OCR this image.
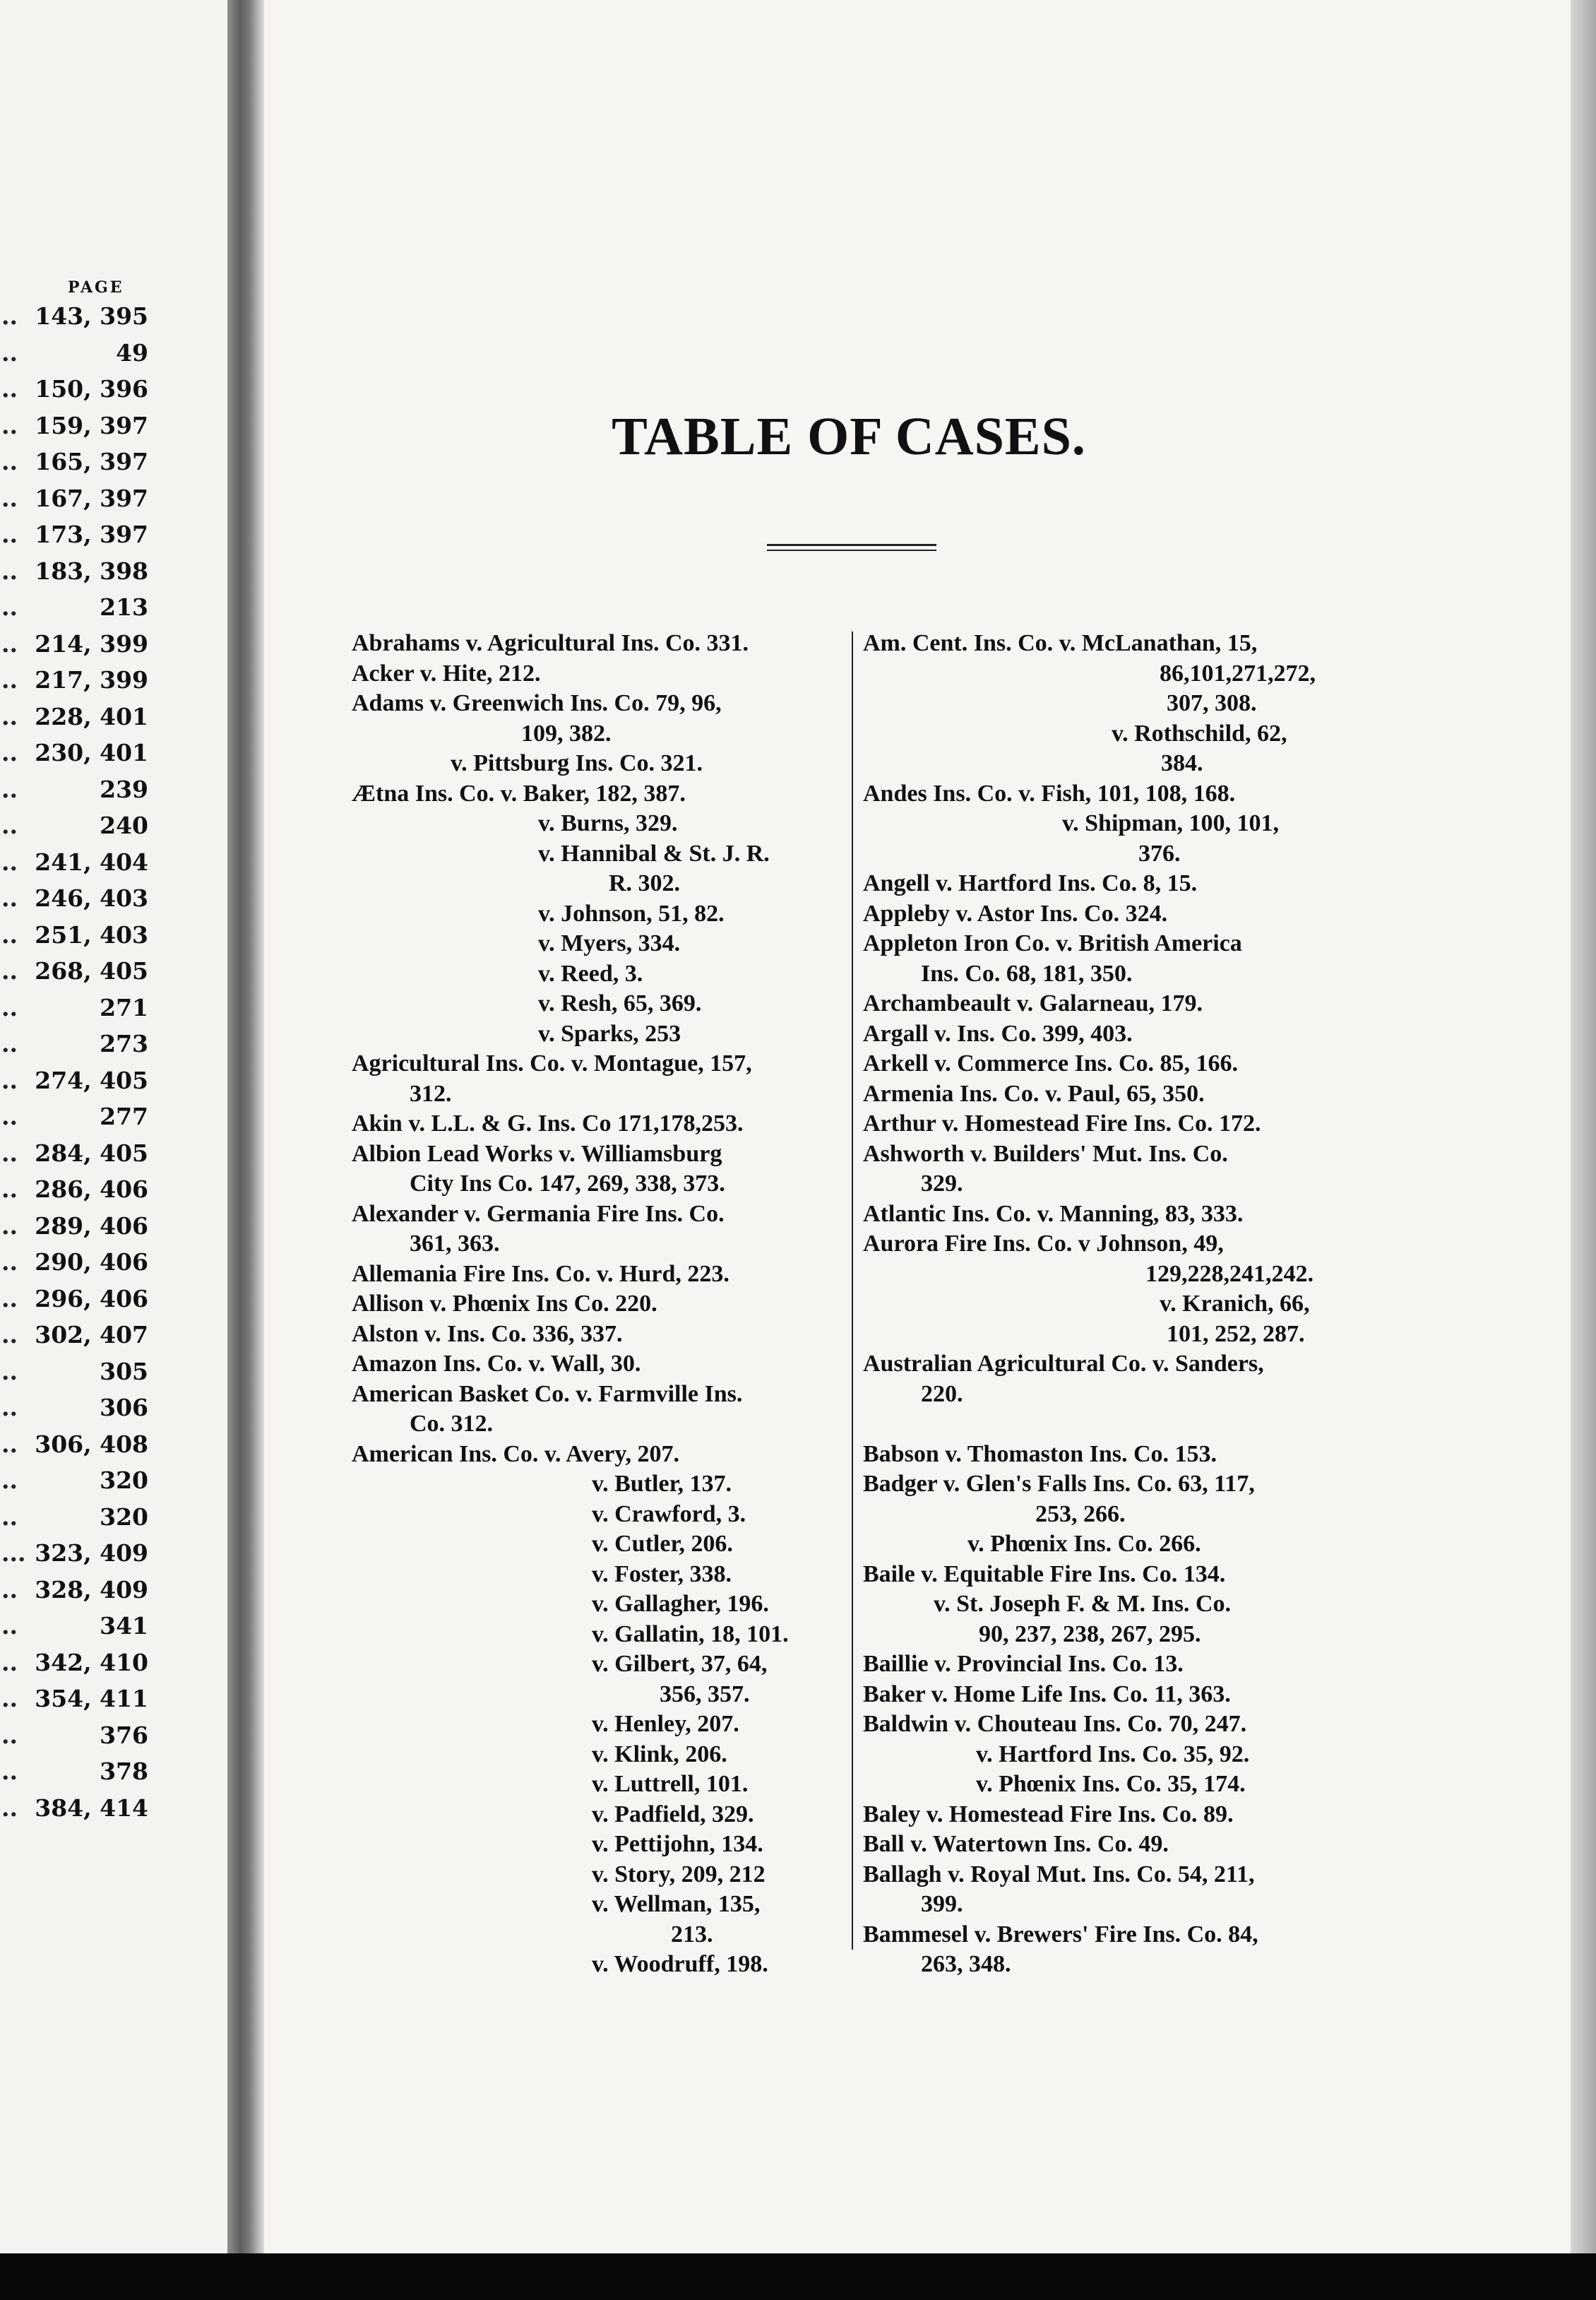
PAGE
.. 143, 395
..	49
.. 150, 396
.. 159, 397
.. 165, 397
.. 167, 397
.. 173, 397
.. 183, 398
..	213
.. 214, 399
.. 217, 399
.. 228, 401
.. 230, 401
..	239
..	240
.. 241, 404
.. 246, 403
.. 251, 403
.. 268, 405
..	271
..	273
.. 274, 405
..	277
.. 284, 405
.. 286, 406
.. 289, 406
.. 290, 406
.. 296, 406
.. 302, 407
..	305
..	306
.. 306, 408
..	320
..	320
... 323, 409
.. 328, 409
..	341
.. 342, 410
.. 354, 411
..	376
..	378
.. 384, 414
TABLE OF CASES.
Abrahams v. Agricultural Ins. Co. 331.
Acker v. Hite, 212.
Adams v. Greenwich Ins. Co. 79, 96,
109, 382.
v. Pittsburg Ins. Co. 321.
Ætna Ins. Co. v. Baker, 182, 387.
v. Burns, 329.
v. Hannibal & St. J. R.
R. 302.
v. Johnson, 51, 82.
v. Myers, 334.
v. Reed, 3.
v. Resh, 65, 369.
v. Sparks, 253
Agricultural Ins. Co. v. Montague, 157,
312.
Akin v. L.L. & G. Ins. Co 171,178,253.
Albion Lead Works v. Williamsburg
City Ins Co. 147, 269, 338, 373.
Alexander v. Germania Fire Ins. Co.
361, 363.
Allemania Fire Ins. Co. v. Hurd, 223.
Allison v. Phœnix Ins Co. 220.
Alston v. Ins. Co. 336, 337.
Amazon Ins. Co. v. Wall, 30.
American Basket Co. v. Farmville Ins.
Co. 312.
American Ins. Co. v. Avery, 207.
v. Butler, 137.
v. Crawford, 3.
v. Cutler, 206.
v. Foster, 338.
v. Gallagher, 196.
v. Gallatin, 18, 101.
v. Gilbert, 37, 64,
356, 357.
v. Henley, 207.
v. Klink, 206.
v. Luttrell, 101.
v. Padfield, 329.
v. Pettijohn, 134.
v. Story, 209, 212
v. Wellman, 135,
213.
v. Woodruff, 198.
Am. Cent. Ins. Co. v. McLanathan, 15,
86,101,271,272,
307, 308.
v. Rothschild, 62,
384.
Andes Ins. Co. v. Fish, 101, 108, 168.
v. Shipman, 100, 101,
376.
Angell v. Hartford Ins. Co. 8, 15.
Appleby v. Astor Ins. Co. 324.
Appleton Iron Co. v. British America
Ins. Co. 68, 181, 350.
Archambeault v. Galarneau, 179.
Argall v. Ins. Co. 399, 403.
Arkell v. Commerce Ins. Co. 85, 166.
Armenia Ins. Co. v. Paul, 65, 350.
Arthur v. Homestead Fire Ins. Co. 172.
Ashworth v. Builders' Mut. Ins. Co.
329.
Atlantic Ins. Co. v. Manning, 83, 333.
Aurora Fire Ins. Co. v Johnson, 49,
129,228,241,242.
v. Kranich, 66,
101, 252, 287.
Australian Agricultural Co. v. Sanders,
220.
Babson v. Thomaston Ins. Co. 153.
Badger v. Glen's Falls Ins. Co. 63, 117,
253, 266.
v. Phœnix Ins. Co. 266.
Baile v. Equitable Fire Ins. Co. 134.
v. St. Joseph F. & M. Ins. Co.
90, 237, 238, 267, 295.
Baillie v. Provincial Ins. Co. 13.
Baker v. Home Life Ins. Co. 11, 363.
Baldwin v. Chouteau Ins. Co. 70, 247.
v. Hartford Ins. Co. 35, 92.
v. Phœnix Ins. Co. 35, 174.
Baley v. Homestead Fire Ins. Co. 89.
Ball v. Watertown Ins. Co. 49.
Ballagh v. Royal Mut. Ins. Co. 54, 211,
399.
Bammesel v. Brewers' Fire Ins. Co. 84,
263, 348.
